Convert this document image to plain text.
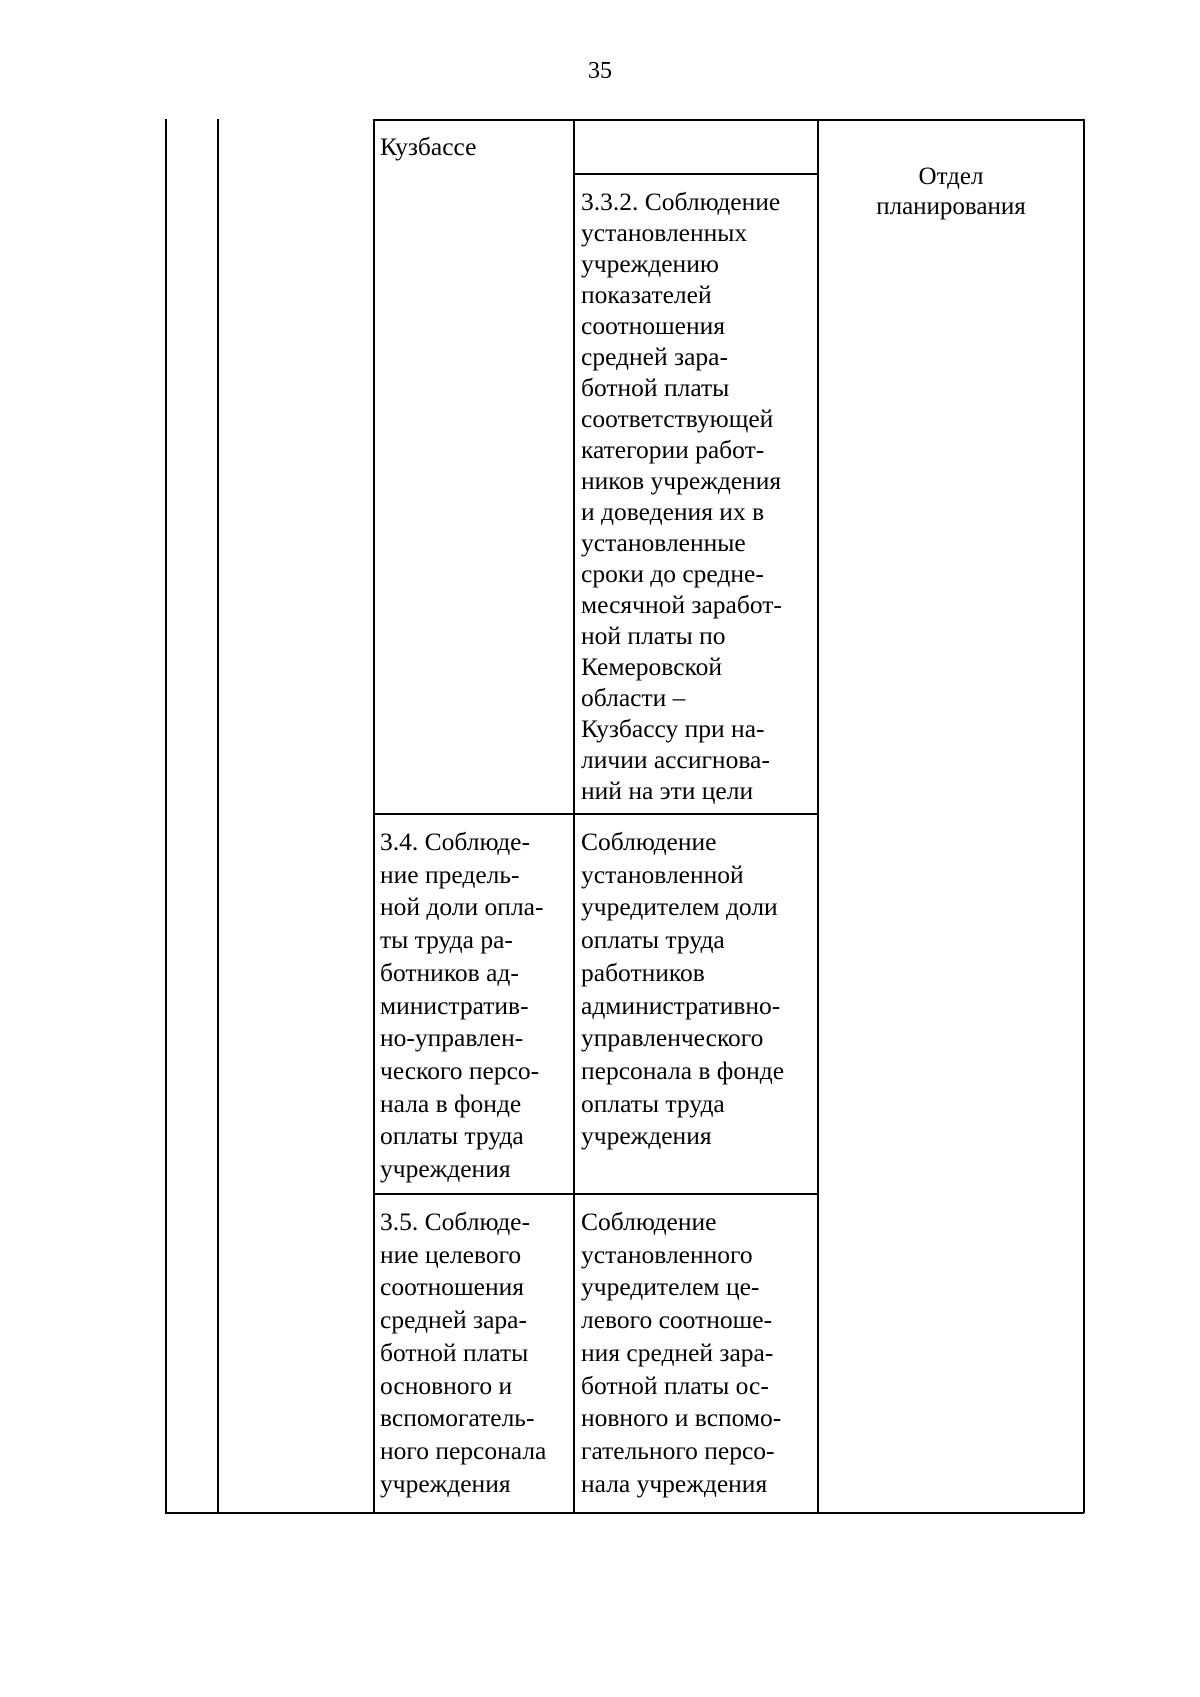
35
Кузбассе
3.3.2. Соблюдение
установленных
учреждению
показателей
соотношения
средней зара-
ботной платы
соответствующей
категории работ-
ников учреждения
и доведения их в
установленные
сроки до средне-
месячной заработ-
ной платы по
Кемеровской
области –
Кузбассу при на-
личии ассигнова-
ний на эти цели
3.4. Соблюде-
ние предель-
ной доли опла-
ты труда ра-
ботников ад-
министратив-
но-управлен-
ческого персо-
нала в фонде
оплаты труда
учреждения
Соблюдение
установленной
учредителем доли
оплаты труда
работников
административно-
управленческого
персонала в фонде
оплаты труда
учреждения
3.5. Соблюде-
ние целевого
соотношения
средней зара-
ботной платы
основного и
вспомогатель-
ного персонала
учреждения
Соблюдение
установленного
учредителем це-
левого соотноше-
ния средней зара-
ботной платы ос-
новного и вспомо-
гательного персо-
нала учреждения
Отдел
планирования
